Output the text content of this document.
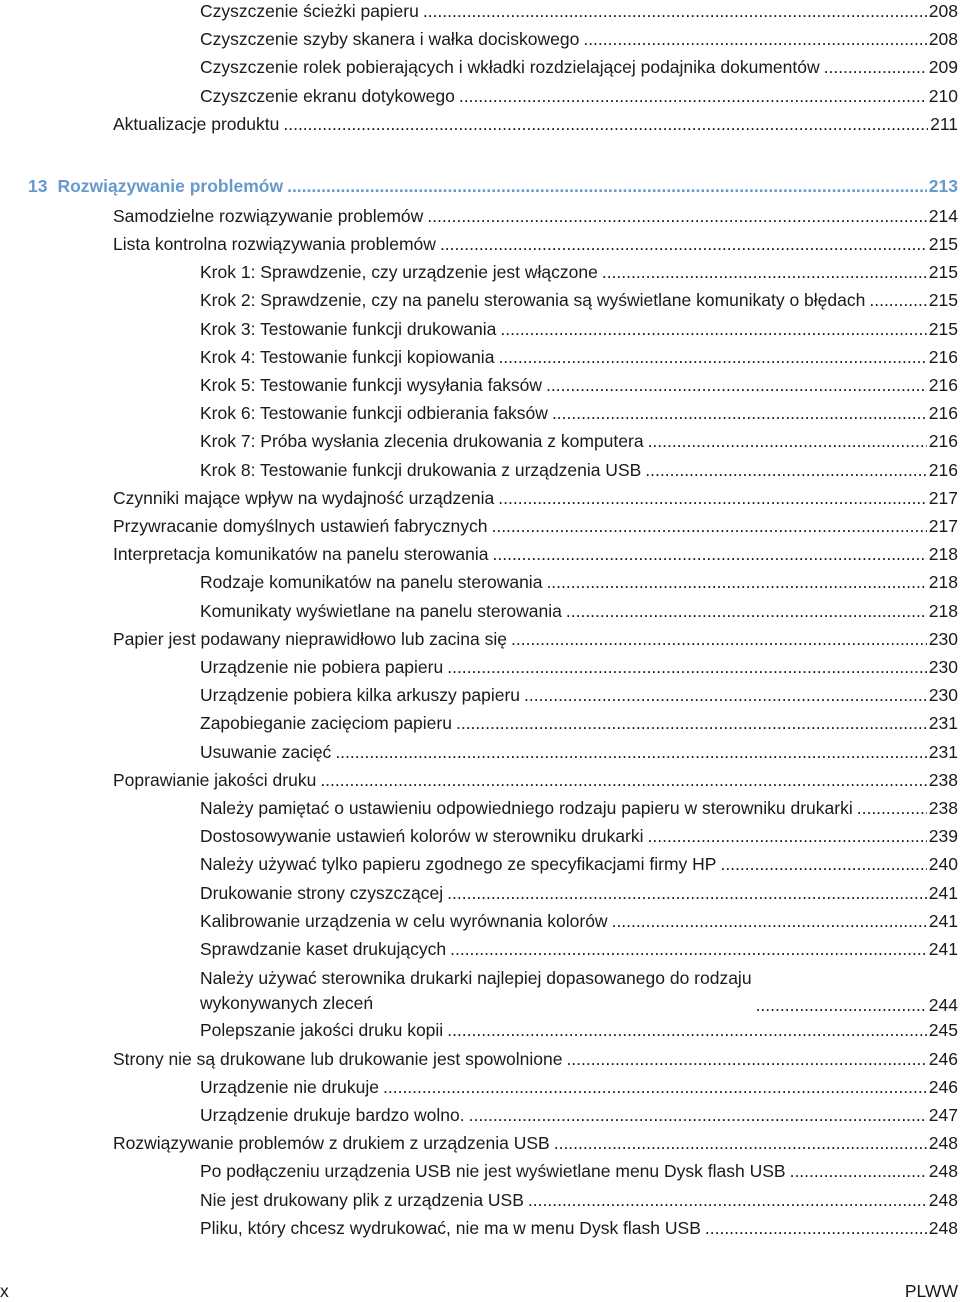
Czyszczenie ścieżki papieru .....	208
Czyszczenie szyby skanera i wałka dociskowego .....	208
Czyszczenie rolek pobierających i wkładki rozdzielającej podajnika dokumentów .....	209
Czyszczenie ekranu dotykowego .....	210
Aktualizacje produktu .....	211
13 Rozwiązywanie problemów .....	213
Samodzielne rozwiązywanie problemów .....	214
Lista kontrolna rozwiązywania problemów .....	215
Krok 1: Sprawdzenie, czy urządzenie jest włączone .....	215
Krok 2: Sprawdzenie, czy na panelu sterowania są wyświetlane komunikaty o błędach .....	215
Krok 3: Testowanie funkcji drukowania .....	215
Krok 4: Testowanie funkcji kopiowania .....	216
Krok 5: Testowanie funkcji wysyłania faksów .....	216
Krok 6: Testowanie funkcji odbierania faksów .....	216
Krok 7: Próba wysłania zlecenia drukowania z komputera .....	216
Krok 8: Testowanie funkcji drukowania z urządzenia USB .....	216
Czynniki mające wpływ na wydajność urządzenia .....	217
Przywracanie domyślnych ustawień fabrycznych .....	217
Interpretacja komunikatów na panelu sterowania .....	218
Rodzaje komunikatów na panelu sterowania .....	218
Komunikaty wyświetlane na panelu sterowania .....	218
Papier jest podawany nieprawidłowo lub zacina się .....	230
Urządzenie nie pobiera papieru .....	230
Urządzenie pobiera kilka arkuszy papieru .....	230
Zapobieganie zacięciom papieru .....	231
Usuwanie zacięć .....	231
Poprawianie jakości druku .....	238
Należy pamiętać o ustawieniu odpowiedniego rodzaju papieru w sterowniku drukarki .....	238
Dostosowywanie ustawień kolorów w sterowniku drukarki .....	239
Należy używać tylko papieru zgodnego ze specyfikacjami firmy HP .....	240
Drukowanie strony czyszczącej .....	241
Kalibrowanie urządzenia w celu wyrównania kolorów .....	241
Sprawdzanie kaset drukujących .....	241
Należy używać sterownika drukarki najlepiej dopasowanego do rodzaju
wykonywanych zleceń .....	244
Polepszanie jakości druku kopii .....	245
Strony nie są drukowane lub drukowanie jest spowolnione .....	246
Urządzenie nie drukuje .....	246
Urządzenie drukuje bardzo wolno. .....	247
Rozwiązywanie problemów z drukiem z urządzenia USB .....	248
Po podłączeniu urządzenia USB nie jest wyświetlane menu Dysk flash USB .....	248
Nie jest drukowany plik z urządzenia USB .....	248
Pliku, który chcesz wydrukować, nie ma w menu Dysk flash USB .....	248
x	PLWW
